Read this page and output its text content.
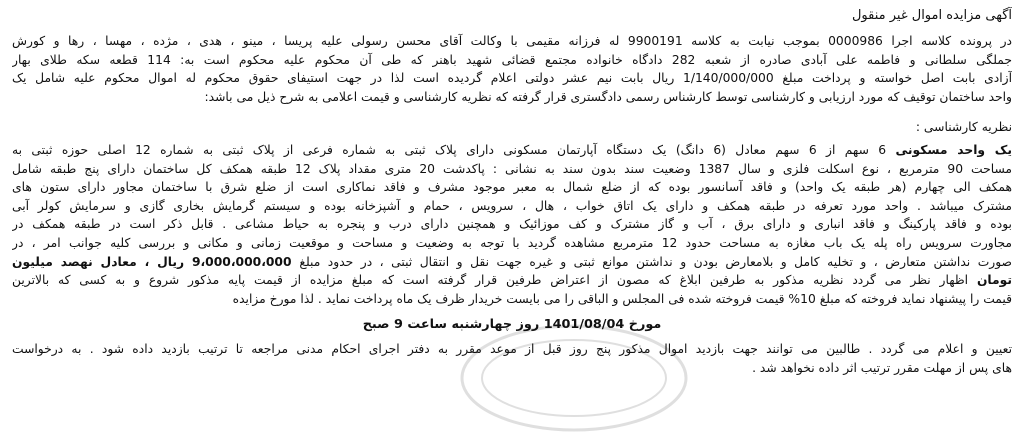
آگهی مزایده اموال غیر منقول
در پرونده کلاسه اجرا 0000986 بموجب نیابت به کلاسه 9900191 له فرزانه مقیمی با وکالت آقای محسن رسولی علیه پریسا ، مینو ، هدی ، مژده ، مهسا ، رها و کورش
جملگی سلطانی و فاطمه علی آبادی صادره از شعبه 282 دادگاه خانواده مجتمع قضائی شهید باهنر که طی آن محکوم علیه محکوم است به: 114 قطعه سکه طلای بهار
آزادی بابت اصل خواسته و پرداخت مبلغ 1/140/000/000 ریال بابت نیم عشر دولتی اعلام گردیده است لذا در جهت استیفای حقوق محکوم له اموال محکوم علیه شامل یک
واحد ساختمان توقیف که مورد ارزیابی و کارشناسی توسط کارشناس رسمی دادگستری قرار گرفته که نظریه کارشناسی و قیمت اعلامی به شرح ذیل می باشد:
نظریه کارشناسی :
یک واحد مسکونی 6 سهم از 6 سهم معادل (6 دانگ) یک دستگاه آپارتمان مسکونی دارای پلاک ثبتی به شماره فرعی از پلاک ثبتی به شماره 12 اصلی حوزه ثبتی به
مساحت 90 مترمربع ، نوع اسکلت فلزی و سال 1387 وضعیت سند بدون سند به نشانی : پاکدشت 20 متری مقداد پلاک 12 طبقه همکف کل ساختمان دارای پنج طبقه شامل
همکف الی چهارم (هر طبقه یک واحد) و فاقد آسانسور بوده که از ضلع شمال به معبر موجود مشرف و فاقد نماکاری است از ضلع شرق با ساختمان مجاور دارای ستون های
مشترک میباشد . واحد مورد تعرفه در طبقه همکف و دارای یک اتاق خواب ، هال ، سرویس ، حمام و آشپزخانه بوده و سیستم گرمایش بخاری گازی و سرمایش کولر آبی
بوده و فاقد پارکینگ و فاقد انباری و دارای برق ، آب و گاز مشترک و کف موزائیک و همچنین دارای درب و پنجره به حیاط مشاعی . قابل ذکر است در طبقه همکف در
مجاورت سرویس راه پله یک باب مغازه به مساحت حدود 12 مترمربع مشاهده گردید با توجه به وضعیت و مساحت و موقعیت زمانی و مکانی و بررسی کلیه جوانب امر ، در
صورت نداشتن متعارض ، و تخلیه کامل و بلامعارض بودن و نداشتن موانع ثبتی و غیره جهت نقل و انتقال ثبتی ، در حدود مبلغ 9،000،000،000 ریال ، معادل نهصد میلیون
تومان اظهار نظر می گردد نظریه مذکور به طرفین ابلاغ که مصون از اعتراض طرفین قرار گرفته است که مبلغ مزایده از قیمت پایه مذکور شروع و به کسی که بالاترین
قیمت را پیشنهاد نماید فروخته که مبلغ 10% قیمت فروخته شده فی المجلس و الباقی را می بایست خریدار ظرف یک ماه پرداخت نماید . لذا مورخ مزایده
مورخ 1401/08/04 روز چهارشنبه ساعت 9 صبح
تعیین و اعلام می گردد . طالبین می توانند جهت بازدید اموال مذکور پنج روز قبل از موعد مقرر به دفتر اجرای احکام مدنی مراجعه تا ترتیب بازدید داده شود . به درخواست
های پس از مهلت مقرر ترتیب اثر داده نخواهد شد .
